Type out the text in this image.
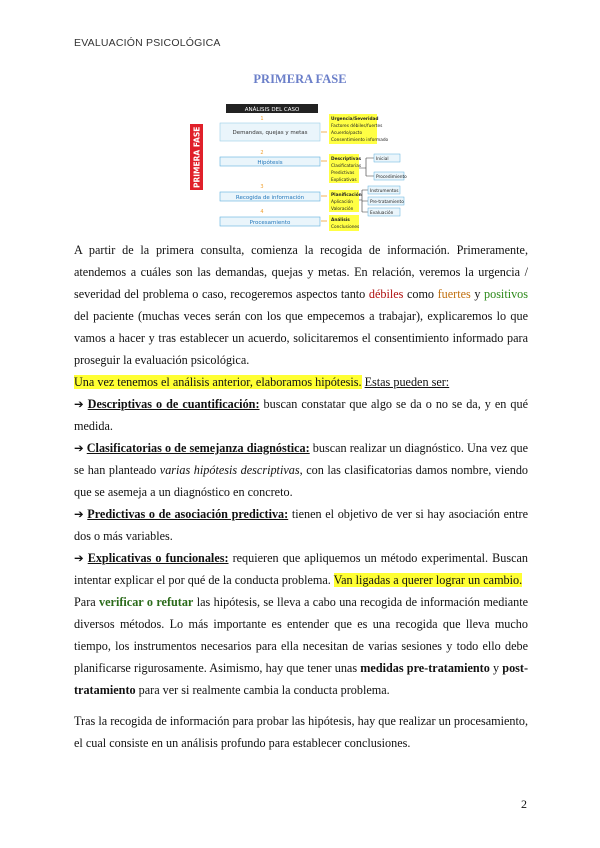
EVALUACIÓN PSICOLÓGICA
PRIMERA FASE
PRIMERA FASE
ANÁLISIS DEL CASO
Demandas, quejas y metas
Hipótesis
Recogida de información
Procesamiento
1
2
3
4
Urgencia/Severidad
Factores débiles/fuertes
Acuerdo/pacto
Consentimiento informado
Descriptivas
Clasificatorias
Predictivas
Explicativas
Planificación
Aplicación
Valoración
Análisis
Conclusiones
Inicial
Procedimiento
Instrumentos
Pre-tratamiento
Evaluación

A partir de la primera consulta, comienza la recogida de información. Primeramente, atendemos a cuáles son las demandas, quejas y metas. En relación, veremos la urgencia / severidad del problema o caso, recogeremos aspectos tanto débiles como fuertes y positivos del paciente (muchas veces serán con los que empecemos a trabajar), explicaremos lo que vamos a hacer y tras establecer un acuerdo, solicitaremos el consentimiento informado para proseguir la evaluación psicológica.

Una vez tenemos el análisis anterior, elaboramos hipótesis. Estas pueden ser:

➔ Descriptivas o de cuantificación: buscan constatar que algo se da o no se da, y en qué medida.

➔ Clasificatorias o de semejanza diagnóstica: buscan realizar un diagnóstico. Una vez que se han planteado varias hipótesis descriptivas, con las clasificatorias damos nombre, viendo que se asemeja a un diagnóstico en concreto.

➔ Predictivas o de asociación predictiva: tienen el objetivo de ver si hay asociación entre dos o más variables.

➔ Explicativas o funcionales: requieren que apliquemos un método experimental. Buscan intentar explicar el por qué de la conducta problema. Van ligadas a querer lograr un cambio.

Para verificar o refutar las hipótesis, se lleva a cabo una recogida de información mediante diversos métodos. Lo más importante es entender que es una recogida que lleva mucho tiempo, los instrumentos necesarios para ella necesitan de varias sesiones y todo ello debe planificarse rigurosamente. Asimismo, hay que tener unas medidas pre-tratamiento y post-tratamiento para ver si realmente cambia la conducta problema.

Tras la recogida de información para probar las hipótesis, hay que realizar un procesamiento, el cual consiste en un análisis profundo para establecer conclusiones.

2
